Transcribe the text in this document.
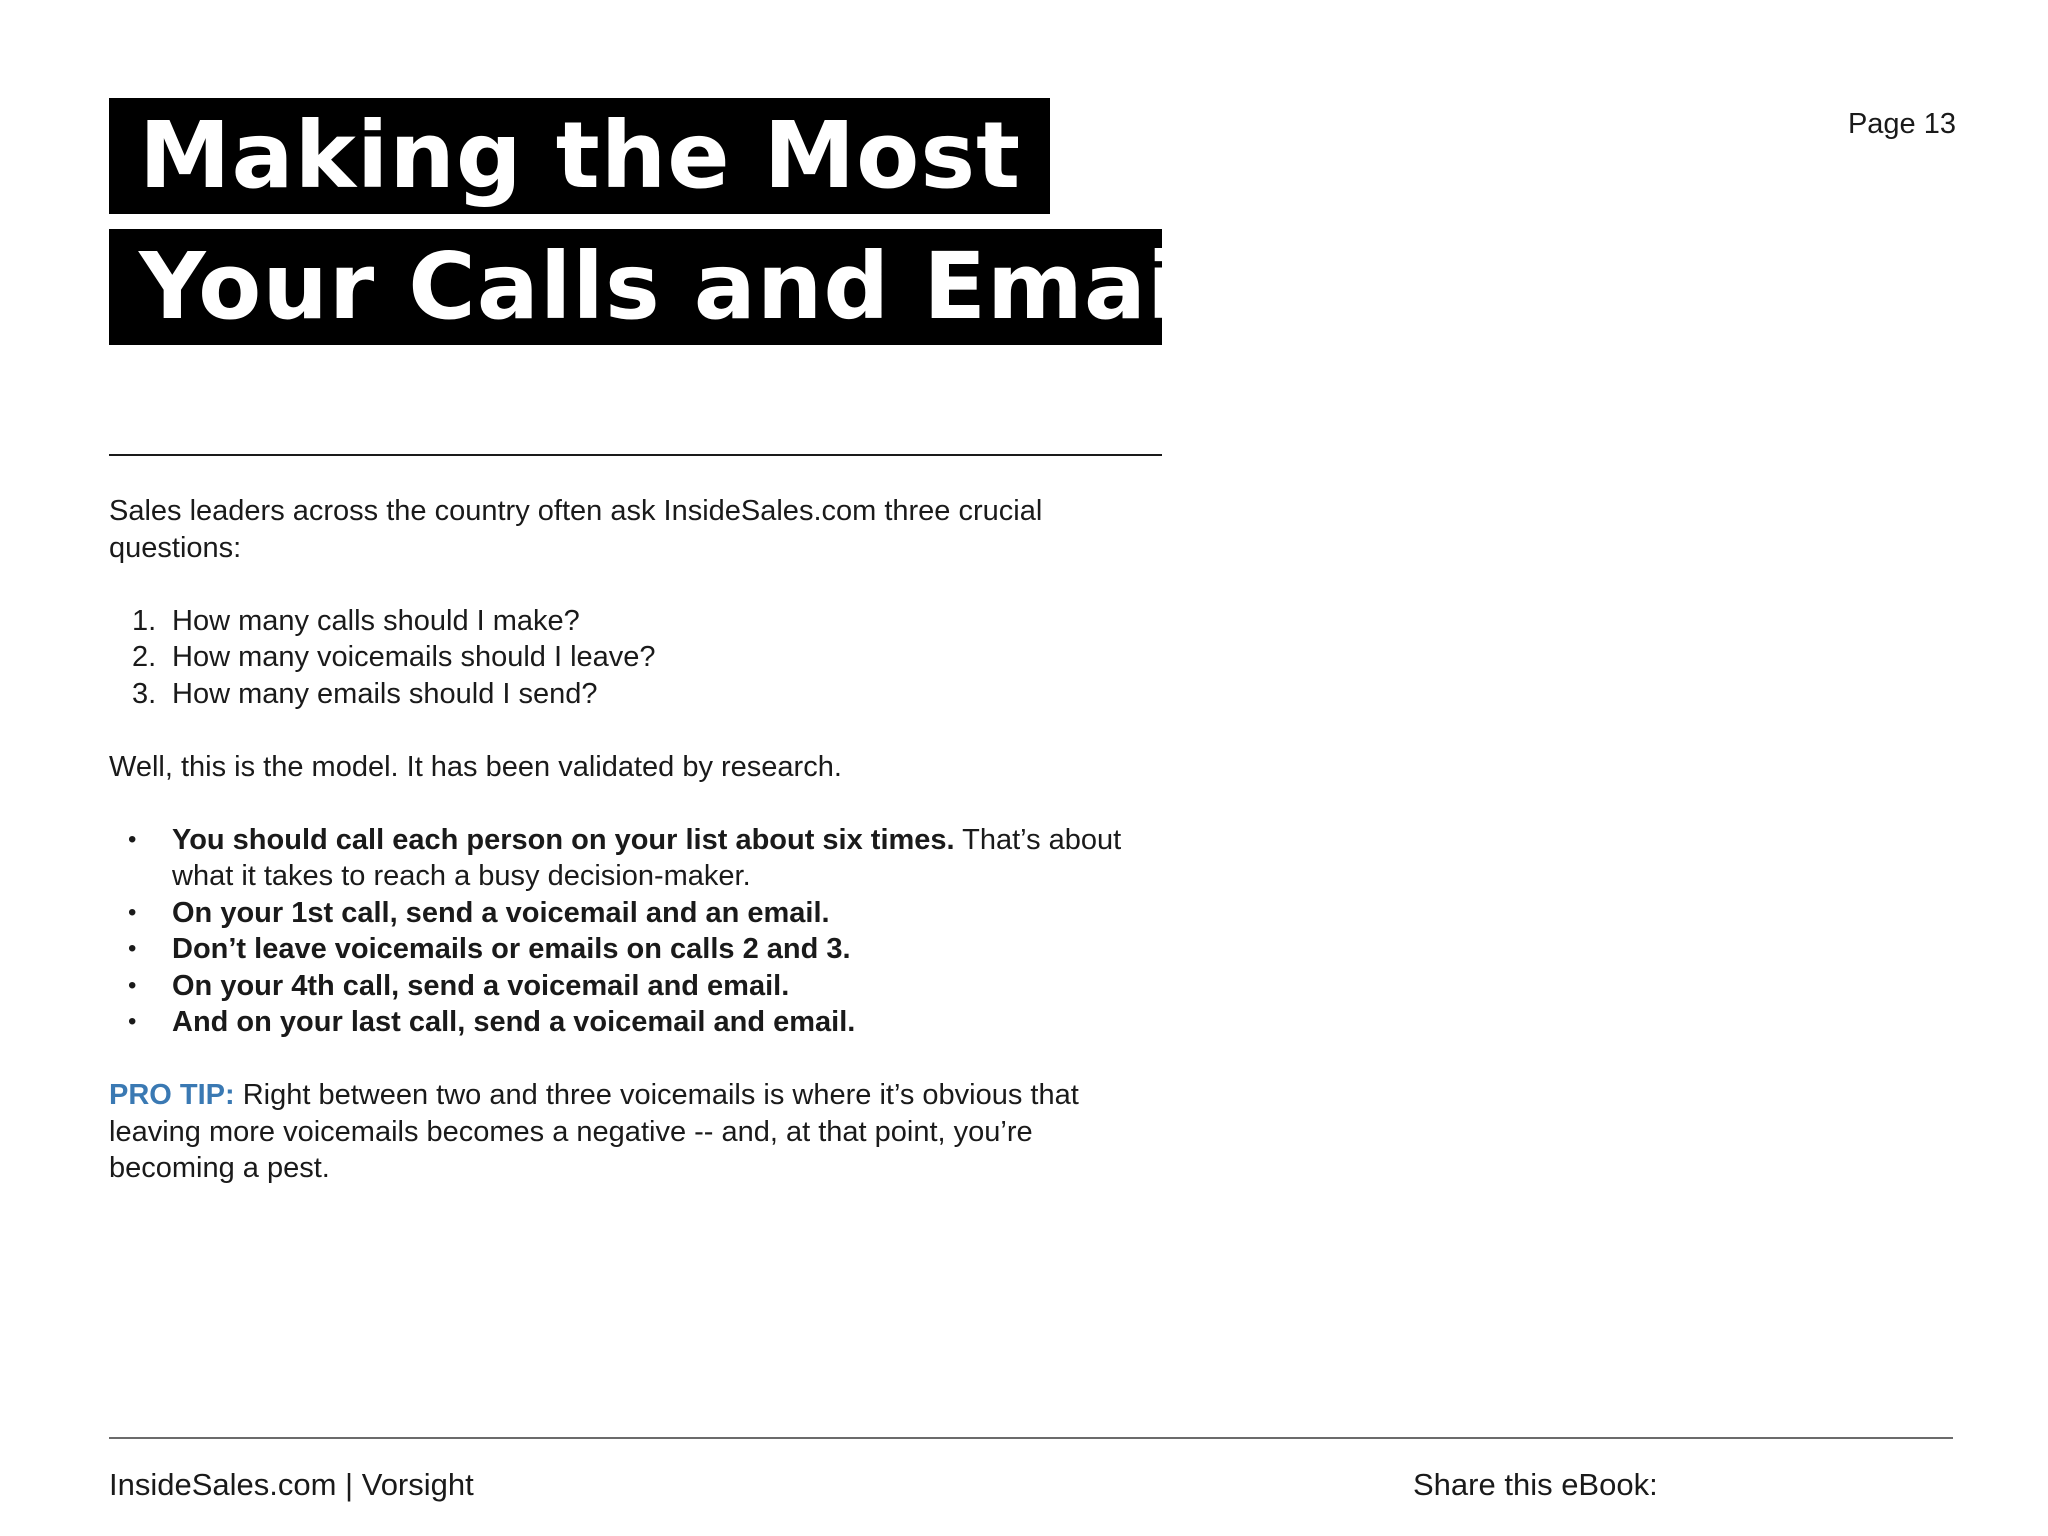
Making the Most of
Your Calls and Emails
Page 13

Sales leaders across the country often ask InsideSales.com three crucial questions:

1. How many calls should I make?
2. How many voicemails should I leave?
3. How many emails should I send?

Well, this is the model. It has been validated by research.

• You should call each person on your list about six times. That’s about what it takes to reach a busy decision-maker.
• On your 1st call, send a voicemail and an email.
• Don’t leave voicemails or emails on calls 2 and 3.
• On your 4th call, send a voicemail and email.
• And on your last call, send a voicemail and email.

PRO TIP: Right between two and three voicemails is where it’s obvious that leaving more voicemails becomes a negative -- and, at that point, you’re becoming a pest.

InsideSales.com | Vorsight	Share this eBook:
